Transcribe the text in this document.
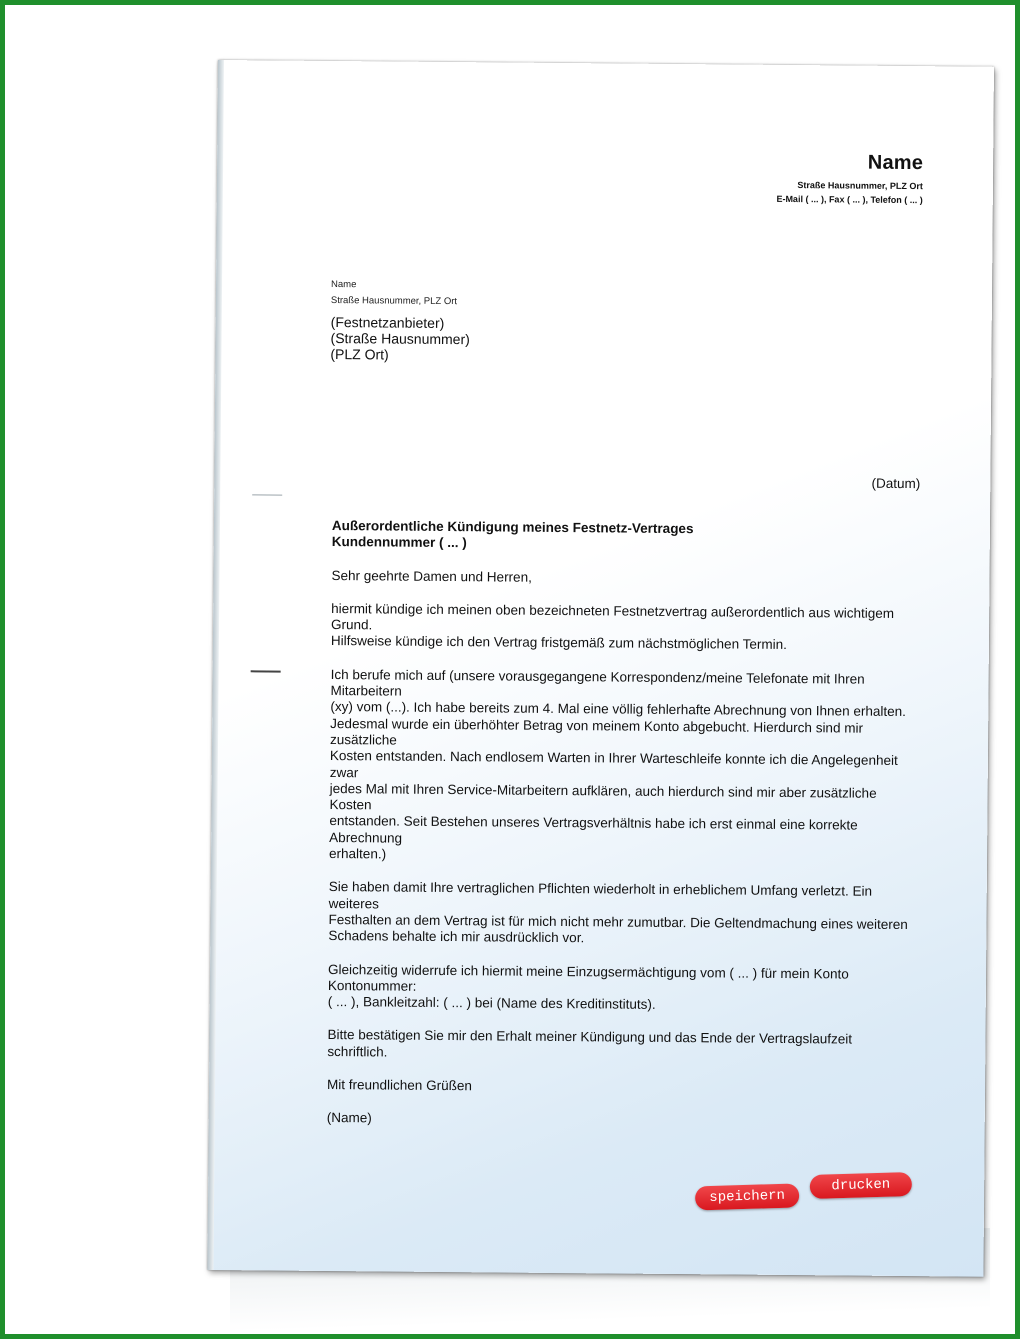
Name
Straße Hausnummer, PLZ Ort
E-Mail ( ... ), Fax ( ... ), Telefon ( ... )
Name
Straße Hausnummer, PLZ Ort
(Festnetzanbieter)
(Straße Hausnummer)
(PLZ Ort)
(Datum)
Außerordentliche Kündigung meines Festnetz-Vertrages
Kundennummer ( ... )
Sehr geehrte Damen und Herren,
hiermit kündige ich meinen oben bezeichneten Festnetzvertrag außerordentlich aus wichtigem Grund.
Hilfsweise kündige ich den Vertrag fristgemäß zum nächstmöglichen Termin.
Ich berufe mich auf (unsere vorausgegangene Korrespondenz/meine Telefonate mit Ihren Mitarbeitern
(xy) vom (...). Ich habe bereits zum 4. Mal eine völlig fehlerhafte Abrechnung von Ihnen erhalten.
Jedesmal wurde ein überhöhter Betrag von meinem Konto abgebucht. Hierdurch sind mir zusätzliche
Kosten entstanden. Nach endlosem Warten in Ihrer Warteschleife konnte ich die Angelegenheit zwar
jedes Mal mit Ihren Service-Mitarbeitern aufklären, auch hierdurch sind mir aber zusätzliche Kosten
entstanden. Seit Bestehen unseres Vertragsverhältnis habe ich erst einmal eine korrekte Abrechnung
erhalten.)
Sie haben damit Ihre vertraglichen Pflichten wiederholt in erheblichem Umfang verletzt. Ein weiteres
Festhalten an dem Vertrag ist für mich nicht mehr zumutbar. Die Geltendmachung eines weiteren
Schadens behalte ich mir ausdrücklich vor.
Gleichzeitig widerrufe ich hiermit meine Einzugsermächtigung vom ( ... ) für mein Konto Kontonummer:
( ... ), Bankleitzahl: ( ... ) bei (Name des Kreditinstituts).
Bitte bestätigen Sie mir den Erhalt meiner Kündigung und das Ende der Vertragslaufzeit schriftlich.
Mit freundlichen Grüßen
(Name)
speichern
drucken
